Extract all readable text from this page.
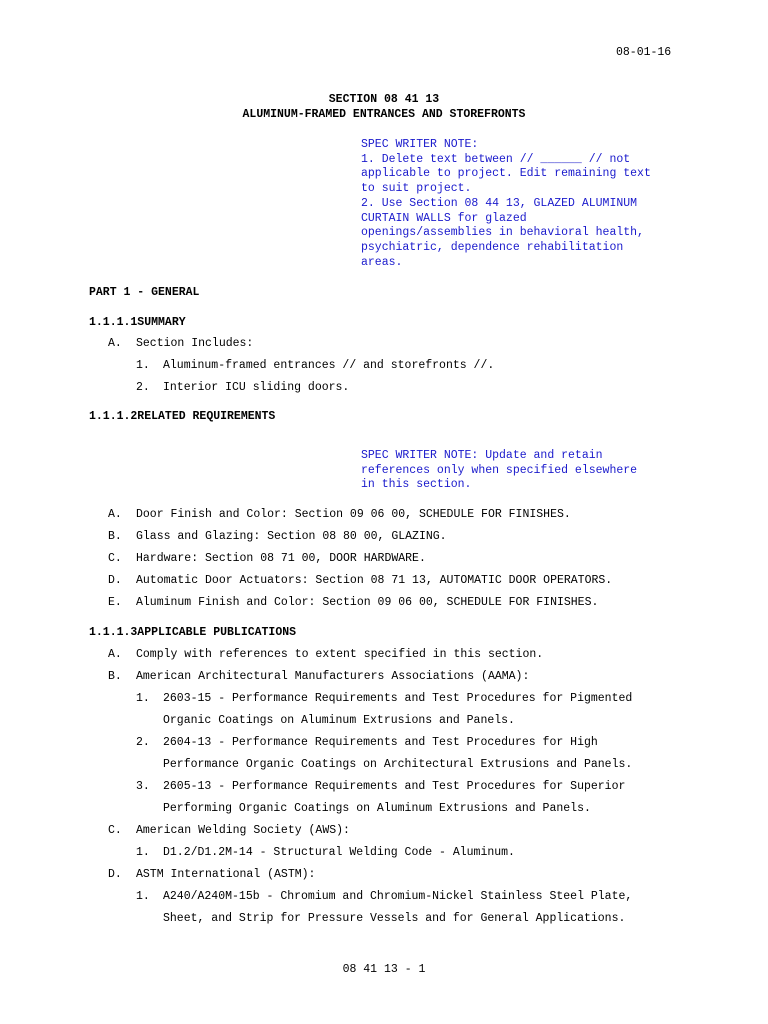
08-01-16
SECTION 08 41 13
ALUMINUM-FRAMED ENTRANCES AND STOREFRONTS
SPEC WRITER NOTE:
1. Delete text between // ______ // not
applicable to project. Edit remaining text
to suit project.
2. Use Section 08 44 13, GLAZED ALUMINUM
CURTAIN WALLS for glazed
openings/assemblies in behavioral health,
psychiatric, dependence rehabilitation
areas.
PART 1 - GENERAL
1.1.1.1SUMMARY
A. Section Includes:
1. Aluminum-framed entrances // and storefronts //.
2. Interior ICU sliding doors.
1.1.1.2RELATED REQUIREMENTS
SPEC WRITER NOTE: Update and retain
references only when specified elsewhere
in this section.
A. Door Finish and Color: Section 09 06 00, SCHEDULE FOR FINISHES.
B. Glass and Glazing: Section 08 80 00, GLAZING.
C. Hardware: Section 08 71 00, DOOR HARDWARE.
D. Automatic Door Actuators: Section 08 71 13, AUTOMATIC DOOR OPERATORS.
E. Aluminum Finish and Color: Section 09 06 00, SCHEDULE FOR FINISHES.
1.1.1.3APPLICABLE PUBLICATIONS
A. Comply with references to extent specified in this section.
B. American Architectural Manufacturers Associations (AAMA):
1. 2603-15 - Performance Requirements and Test Procedures for Pigmented
Organic Coatings on Aluminum Extrusions and Panels.
2. 2604-13 - Performance Requirements and Test Procedures for High
Performance Organic Coatings on Architectural Extrusions and Panels.
3. 2605-13 - Performance Requirements and Test Procedures for Superior
Performing Organic Coatings on Aluminum Extrusions and Panels.
C. American Welding Society (AWS):
1. D1.2/D1.2M-14 - Structural Welding Code - Aluminum.
D. ASTM International (ASTM):
1. A240/A240M-15b - Chromium and Chromium-Nickel Stainless Steel Plate,
Sheet, and Strip for Pressure Vessels and for General Applications.
08 41 13 - 1
